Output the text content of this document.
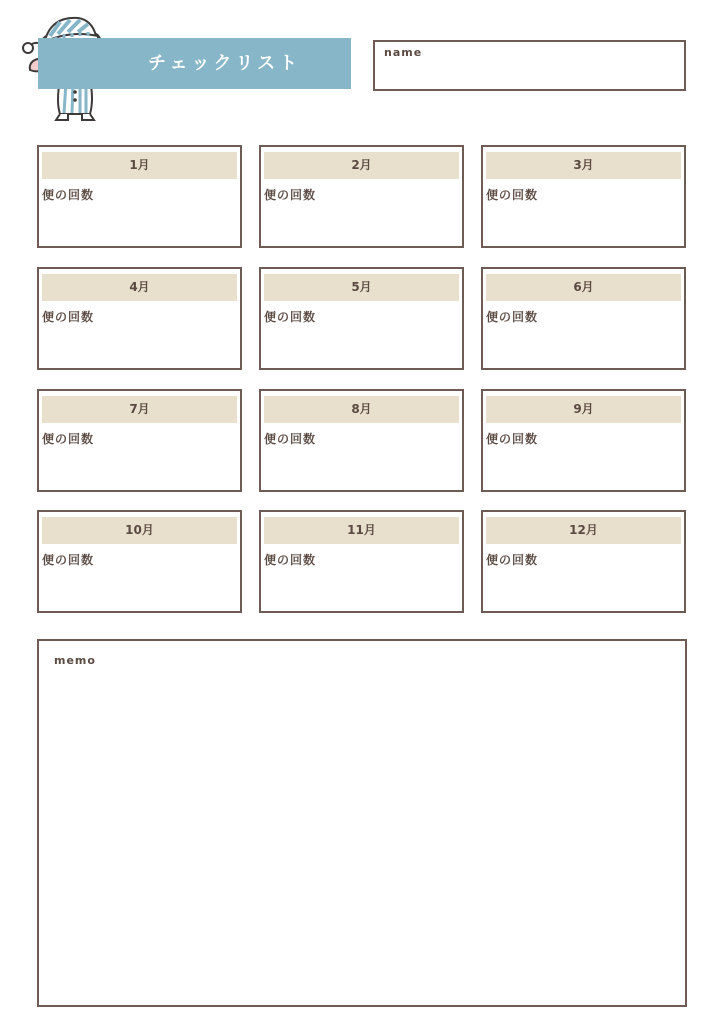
チェックリスト
name
1月
便の回数
2月
便の回数
3月
便の回数
4月
便の回数
5月
便の回数
6月
便の回数
7月
便の回数
8月
便の回数
9月
便の回数
10月
便の回数
11月
便の回数
12月
便の回数
memo
